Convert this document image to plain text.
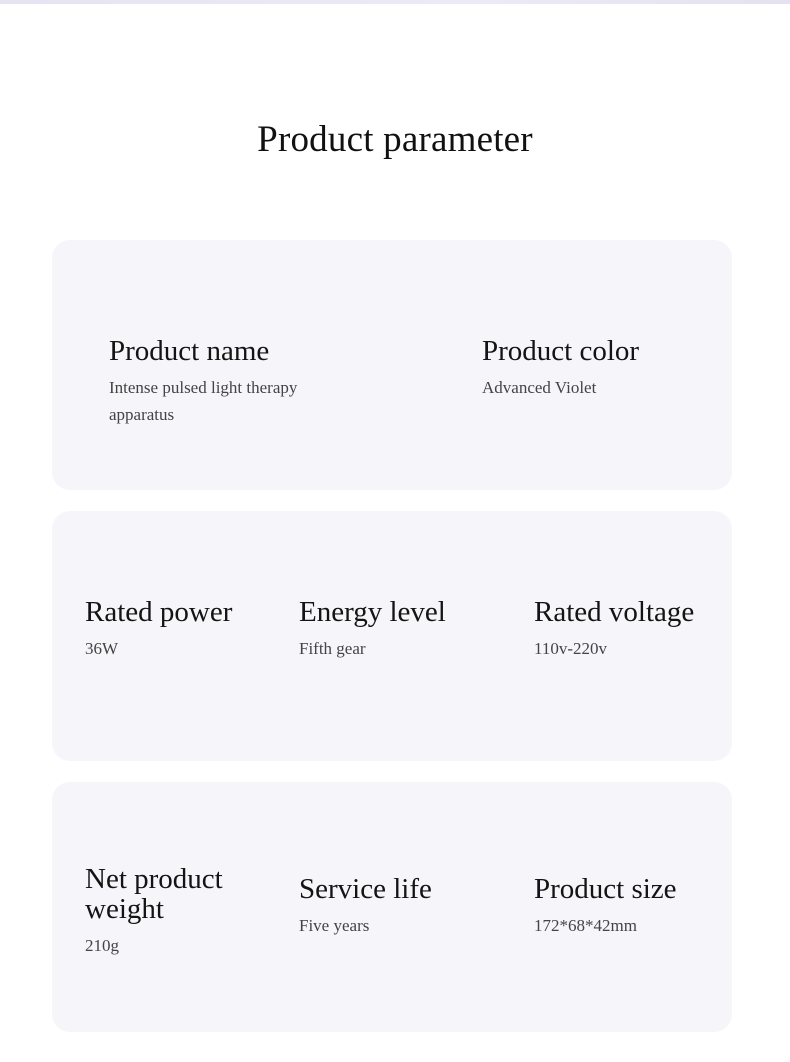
Product parameter
Product name
Intense pulsed light therapy apparatus
Product color
Advanced Violet
Rated power
36W
Energy level
Fifth gear
Rated voltage
110v-220v
Net product weight
210g
Service life
Five years
Product size
172*68*42mm
